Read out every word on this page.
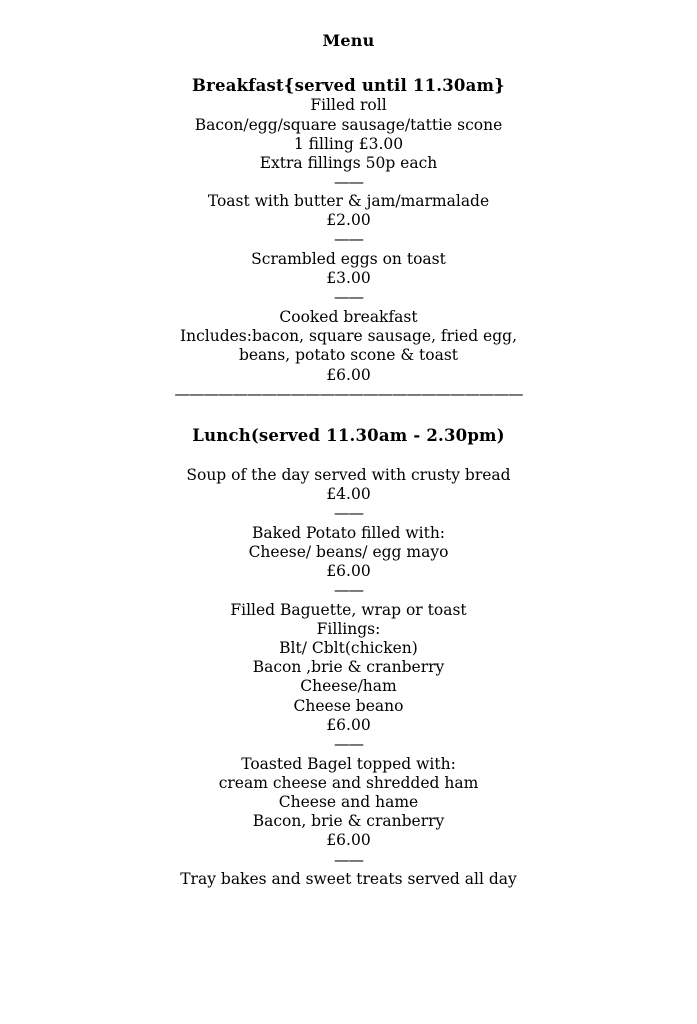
Menu
Breakfast{served until 11.30am}
Filled roll
Bacon/egg/square sausage/tattie scone
1 filling £3.00
Extra fillings 50p each
——
Toast with butter & jam/marmalade
£2.00
——
Scrambled eggs on toast
£3.00
——
Cooked breakfast
Includes:bacon, square sausage, fried egg,
beans, potato scone & toast
£6.00
————————————————————————
Lunch(served 11.30am - 2.30pm)
Soup of the day served with crusty bread
£4.00
——
Baked Potato filled with:
Cheese/ beans/ egg mayo
£6.00
——
Filled Baguette, wrap or toast
Fillings:
Blt/ Cblt(chicken)
Bacon ,brie & cranberry
Cheese/ham
Cheese beano
£6.00
——
Toasted Bagel topped with:
cream cheese and shredded ham
Cheese and hame
Bacon, brie & cranberry
£6.00
——
Tray bakes and sweet treats served all day
